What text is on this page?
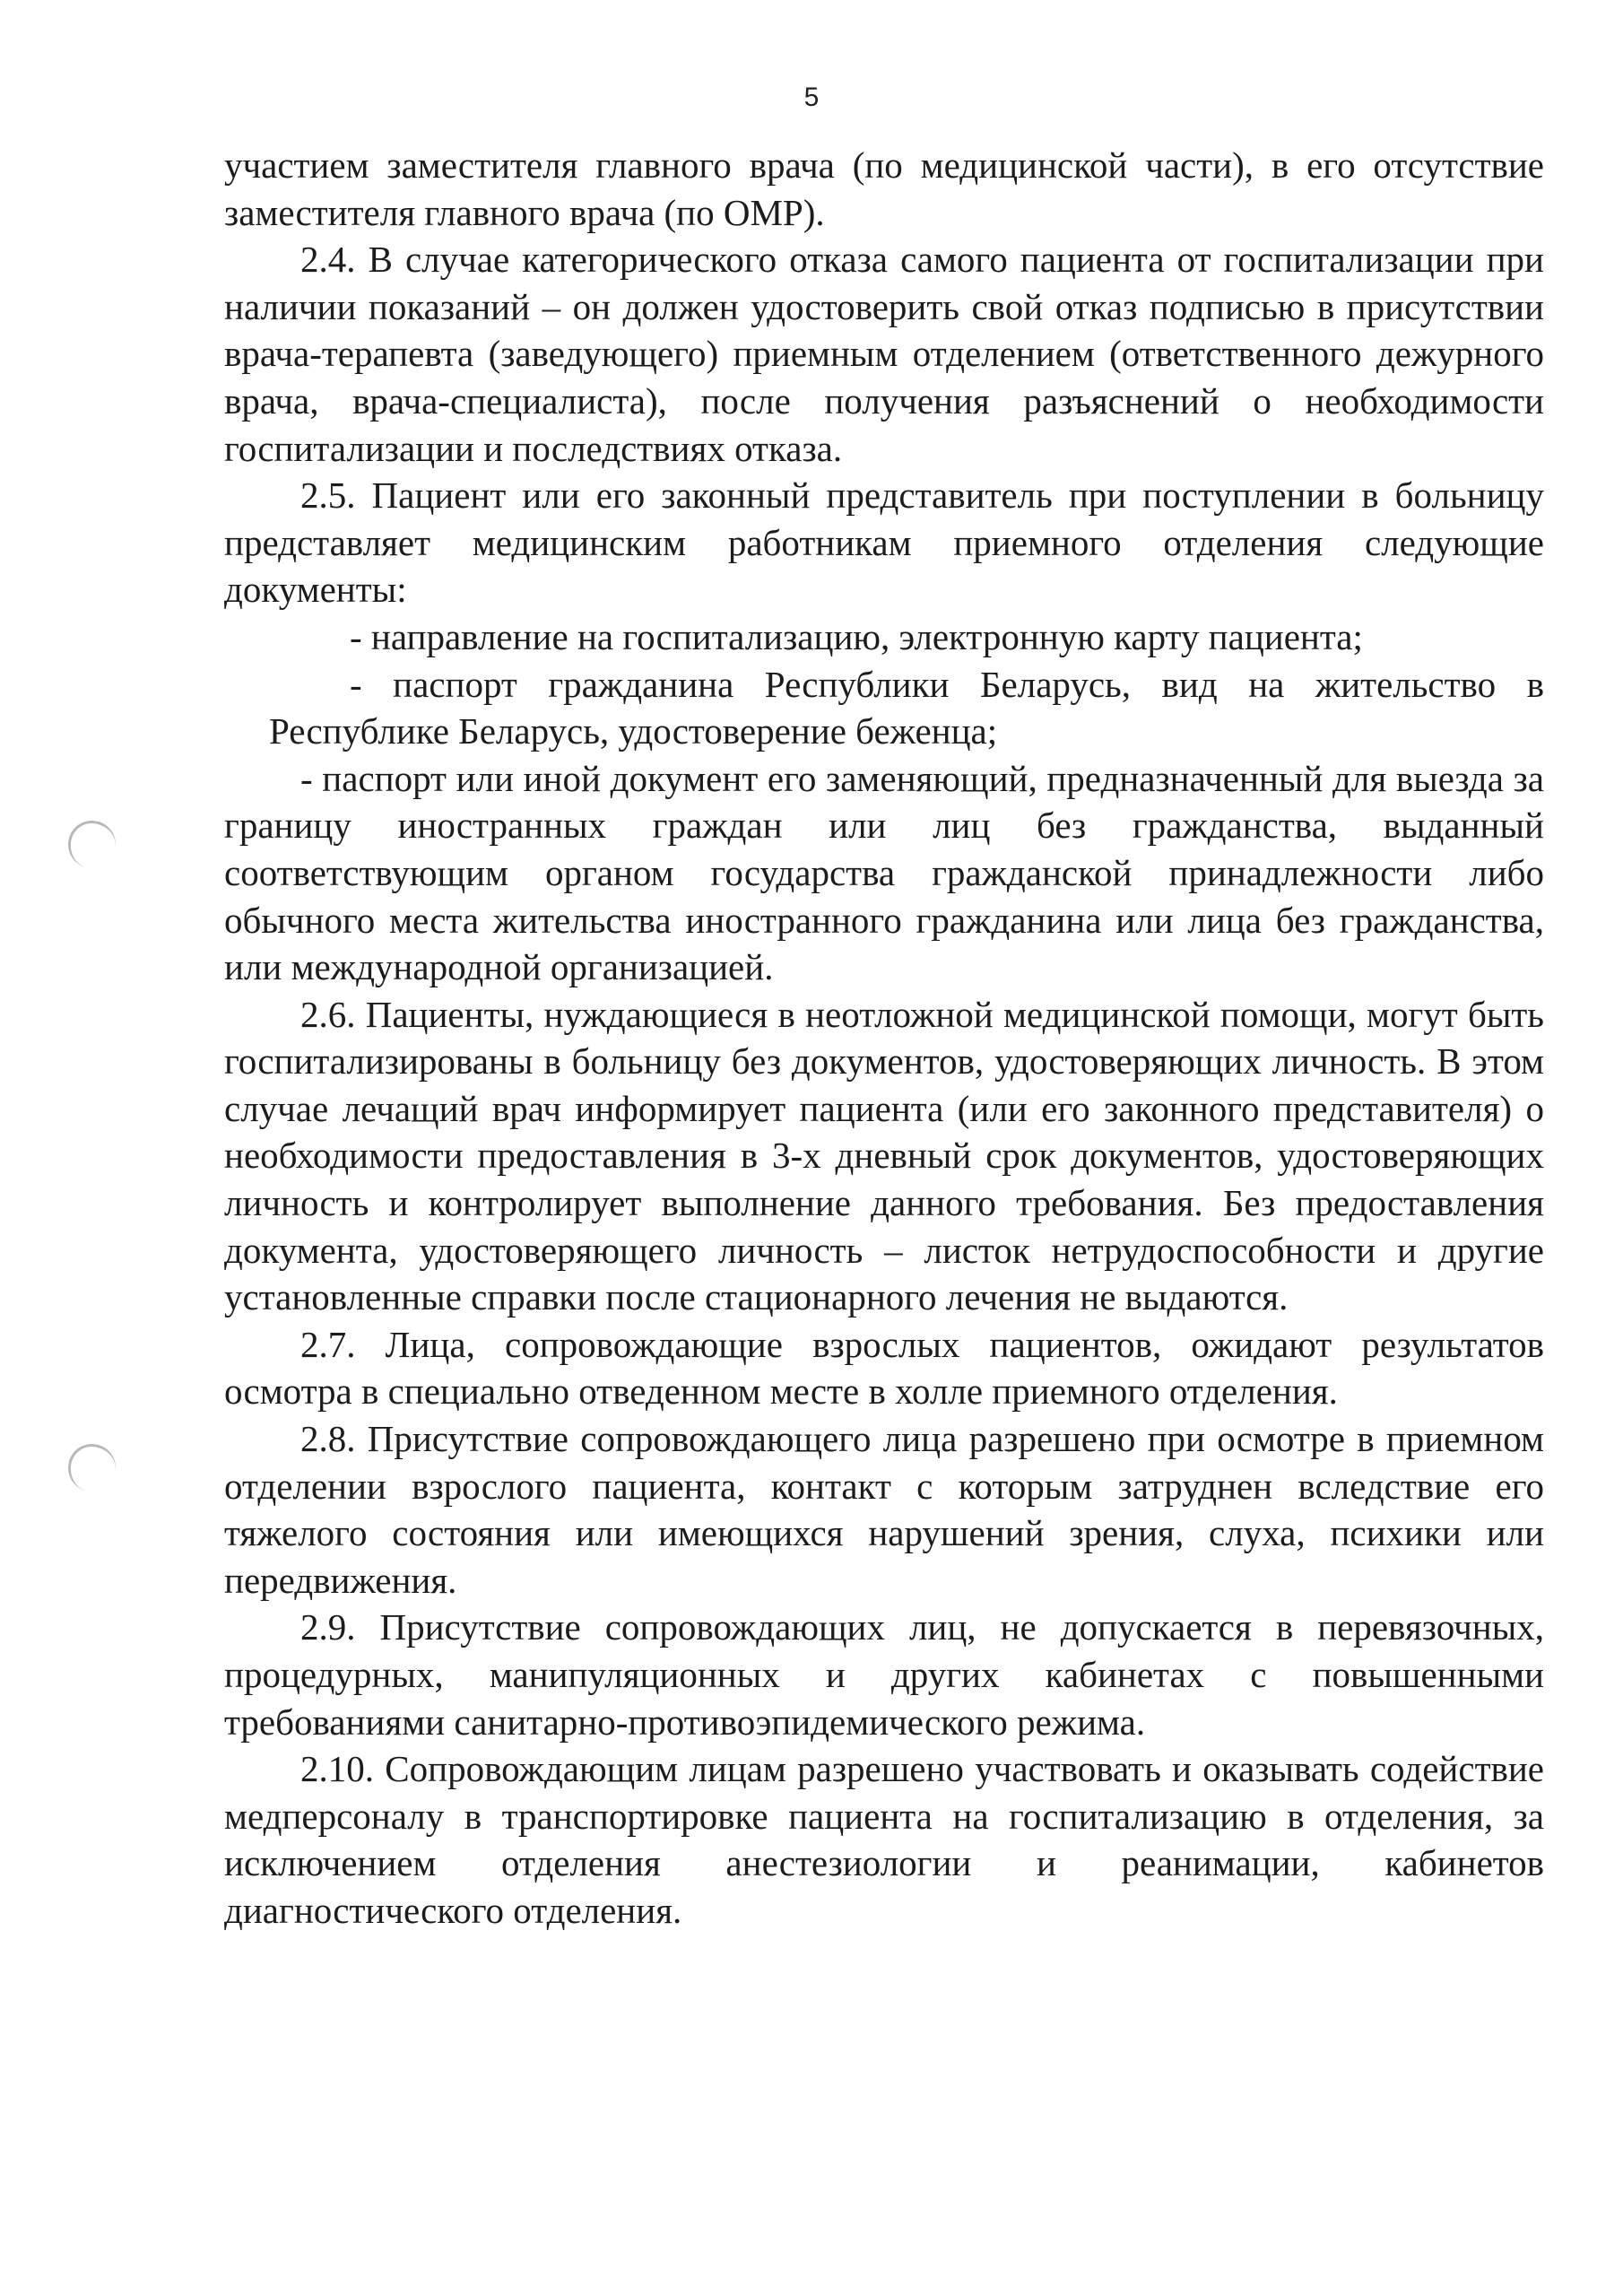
5

участием заместителя главного врача (по медицинской части), в его отсутствие заместителя главного врача (по ОМР).

2.4. В случае категорического отказа самого пациента от госпитализации при наличии показаний – он должен удостоверить свой отказ подписью в присутствии врача-терапевта (заведующего) приемным отделением (ответственного дежурного врача, врача-специалиста), после получения разъяснений о необходимости госпитализации и последствиях отказа.

2.5. Пациент или его законный представитель при поступлении в больницу представляет медицинским работникам приемного отделения следующие документы:

- направление на госпитализацию, электронную карту пациента;

- паспорт гражданина Республики Беларусь, вид на жительство в Республике Беларусь, удостоверение беженца;

- паспорт или иной документ его заменяющий, предназначенный для выезда за границу иностранных граждан или лиц без гражданства, выданный соответствующим органом государства гражданской принадлежности либо обычного места жительства иностранного гражданина или лица без гражданства, или международной организацией.

2.6. Пациенты, нуждающиеся в неотложной медицинской помощи, могут быть госпитализированы в больницу без документов, удостоверяющих личность. В этом случае лечащий врач информирует пациента (или его законного представителя) о необходимости предоставления в 3-х дневный срок документов, удостоверяющих личность и контролирует выполнение данного требования. Без предоставления документа, удостоверяющего личность – листок нетрудоспособности и другие установленные справки после стационарного лечения не выдаются.

2.7. Лица, сопровождающие взрослых пациентов, ожидают результатов осмотра в специально отведенном месте в холле приемного отделения.

2.8. Присутствие сопровождающего лица разрешено при осмотре в приемном отделении взрослого пациента, контакт с которым затруднен вследствие его тяжелого состояния или имеющихся нарушений зрения, слуха, психики или передвижения.

2.9. Присутствие сопровождающих лиц, не допускается в перевязочных, процедурных, манипуляционных и других кабинетах с повышенными требованиями санитарно-противоэпидемического режима.

2.10. Сопровождающим лицам разрешено участвовать и оказывать содействие медперсоналу в транспортировке пациента на госпитализацию в отделения, за исключением отделения анестезиологии и реанимации, кабинетов диагностического отделения.
